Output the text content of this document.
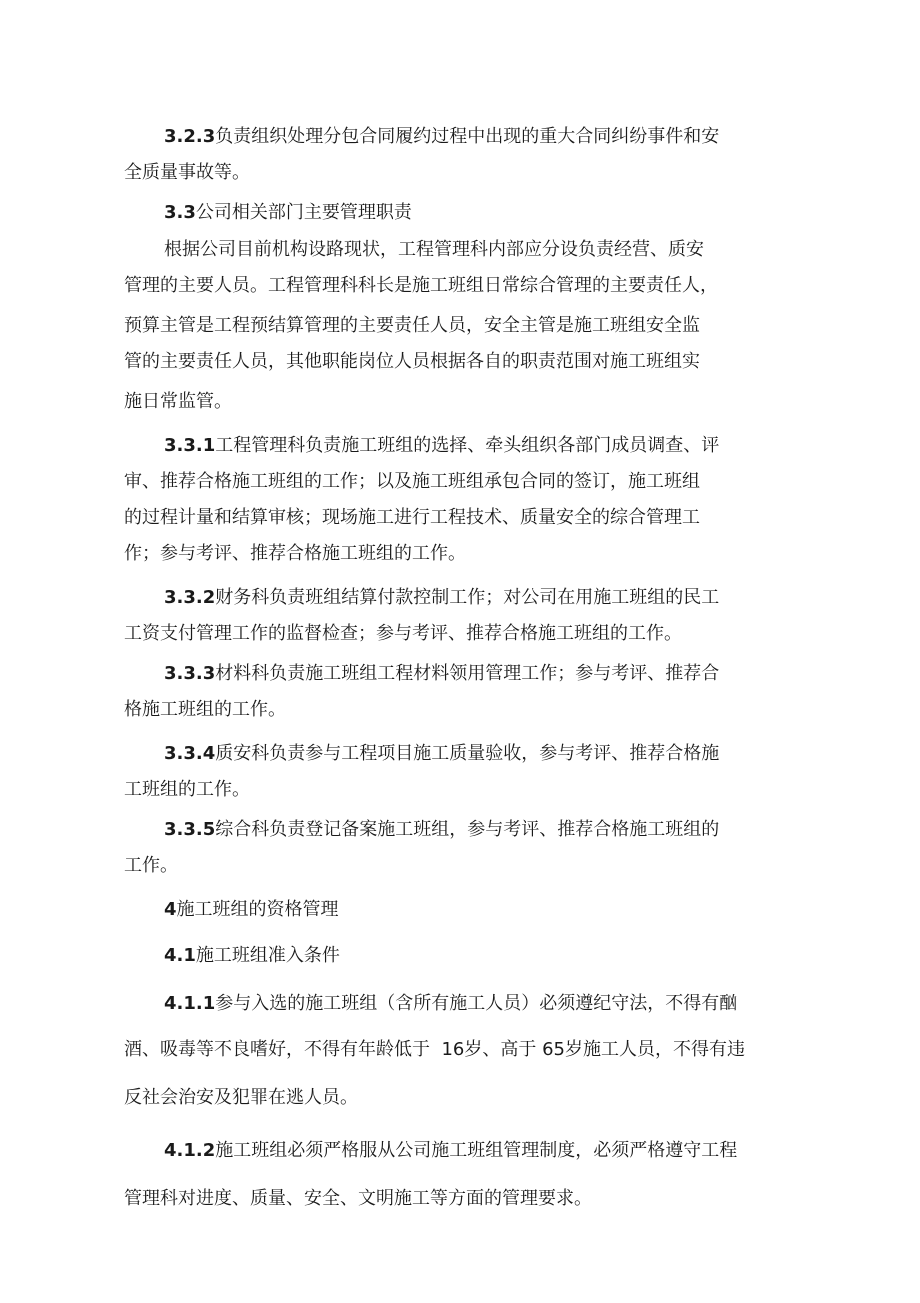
3.2.3负责组织处理分包合同履约过程中出现的重大合同纠纷事件和安
全质量事故等。
3.3公司相关部门主要管理职责
根据公司目前机构设路现状，工程管理科内部应分设负责经营、质安
管理的主要人员。工程管理科科长是施工班组日常综合管理的主要责任人，
预算主管是工程预结算管理的主要责任人员，安全主管是施工班组安全监
管的主要责任人员，其他职能岗位人员根据各自的职责范围对施工班组实
施日常监管。
3.3.1工程管理科负责施工班组的选择、牵头组织各部门成员调查、评
审、推荐合格施工班组的工作；以及施工班组承包合同的签订，施工班组
的过程计量和结算审核；现场施工进行工程技术、质量安全的综合管理工
作；参与考评、推荐合格施工班组的工作。
3.3.2财务科负责班组结算付款控制工作；对公司在用施工班组的民工
工资支付管理工作的监督检查；参与考评、推荐合格施工班组的工作。
3.3.3材料科负责施工班组工程材料领用管理工作；参与考评、推荐合
格施工班组的工作。
3.3.4质安科负责参与工程项目施工质量验收，参与考评、推荐合格施
工班组的工作。
3.3.5综合科负责登记备案施工班组，参与考评、推荐合格施工班组的
工作。
4施工班组的资格管理
4.1施工班组准入条件
4.1.1参与入选的施工班组（含所有施工人员）必须遵纪守法，不得有酗
酒、吸毒等不良嗜好，不得有年龄低于  16岁、高于 65岁施工人员，不得有违
反社会治安及犯罪在逃人员。
4.1.2施工班组必须严格服从公司施工班组管理制度，必须严格遵守工程
管理科对进度、质量、安全、文明施工等方面的管理要求。
